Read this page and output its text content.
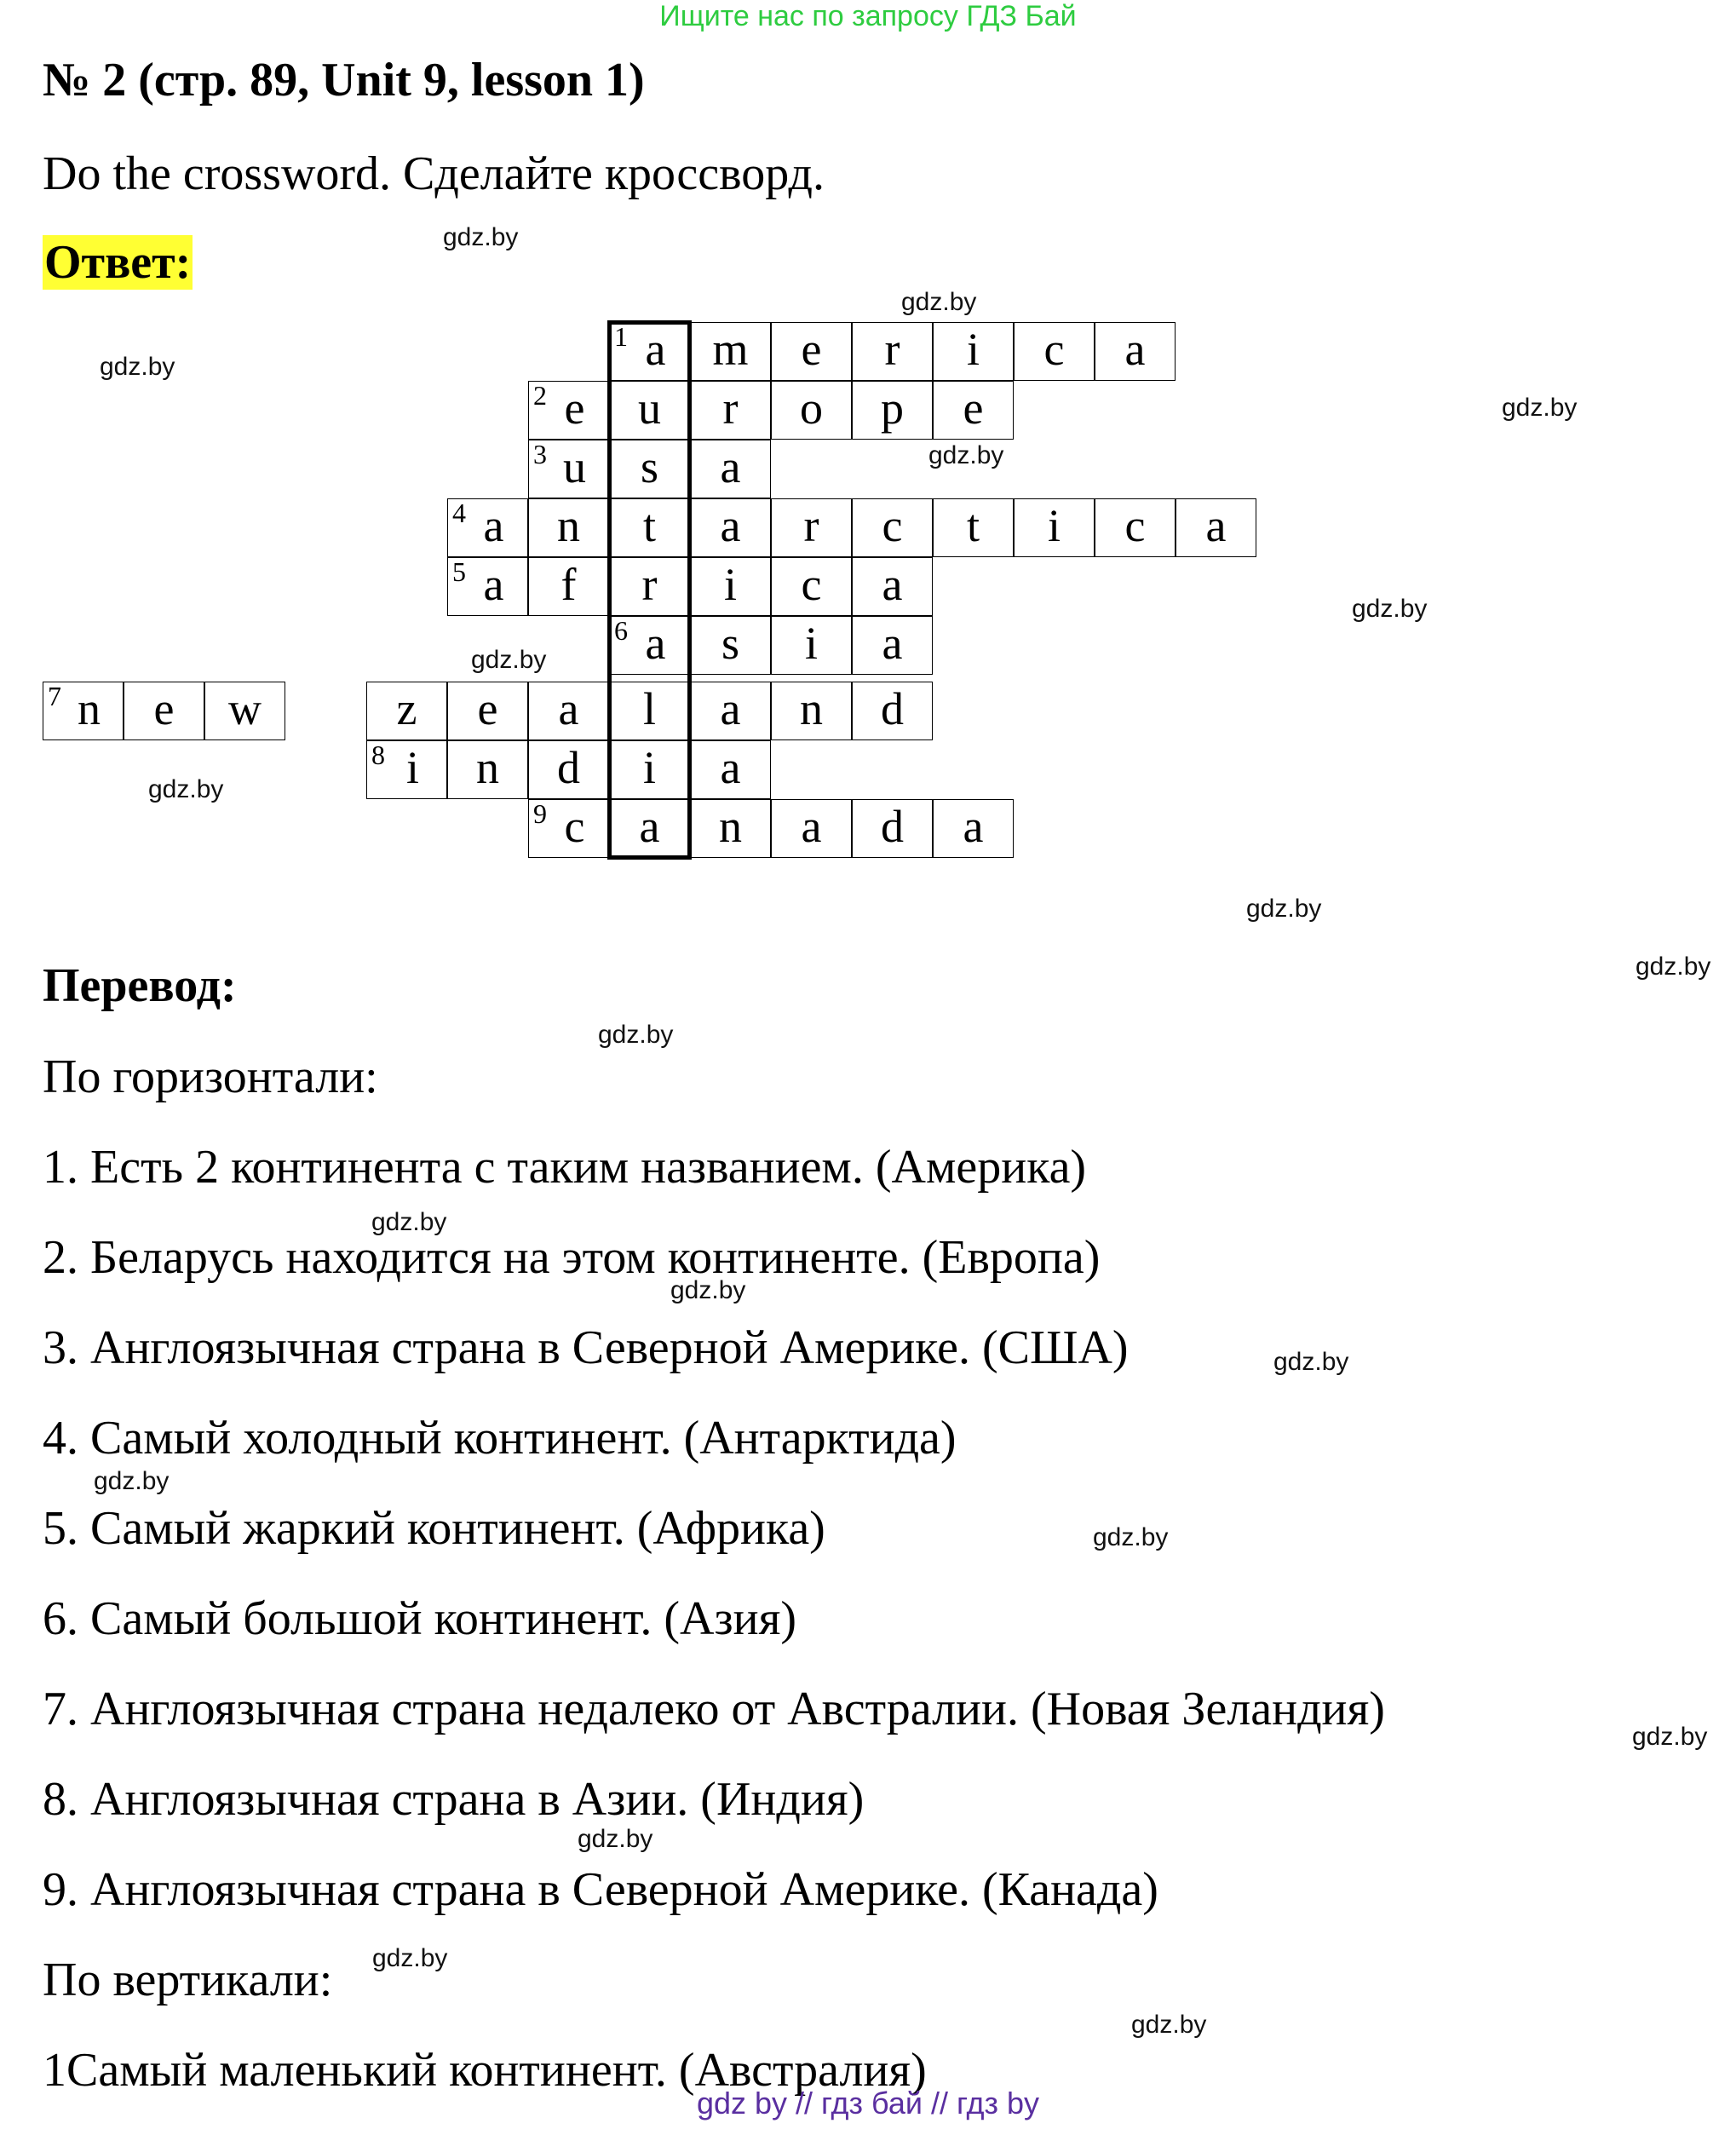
Ищите нас по запросу ГДЗ Бай
№ 2 (стр. 89, Unit 9, lesson 1)
Do the crossword. Сделайте кроссворд.
Ответ:
1 a	m	e	r	i	c	a
2 e	u	r	o	p	e
3 u	s	a
4 a	n	t	a	r	c	t	i	c	a
5 a	f	r	i	c	a
6 a	s	i	a
7 n	e	w	z	e	a	l	a	n	d
8 i	n	d	i	a
9 c	a	n	a	d	a
Перевод:
По горизонтали:
1. Есть 2 континента с таким названием. (Америка)
2. Беларусь находится на этом континенте. (Европа)
3. Англоязычная страна в Северной Америке. (США)
4. Самый холодный континент. (Антарктида)
5. Самый жаркий континент. (Африка)
6. Самый большой континент. (Азия)
7. Англоязычная страна недалеко от Австралии. (Новая Зеландия)
8. Англоязычная страна в Азии. (Индия)
9. Англоязычная страна в Северной Америке. (Канада)
По вертикали:
1Самый маленький континент. (Австралия)
gdz.by
gdz.by
gdz.by
gdz.by
gdz.by
gdz.by
gdz.by
gdz.by
gdz.by
gdz.by
gdz.by
gdz.by
gdz.by
gdz.by
gdz.by
gdz.by
gdz.by
gdz.by
gdz.by
gdz.by
gdz by // гдз бай // гдз by
